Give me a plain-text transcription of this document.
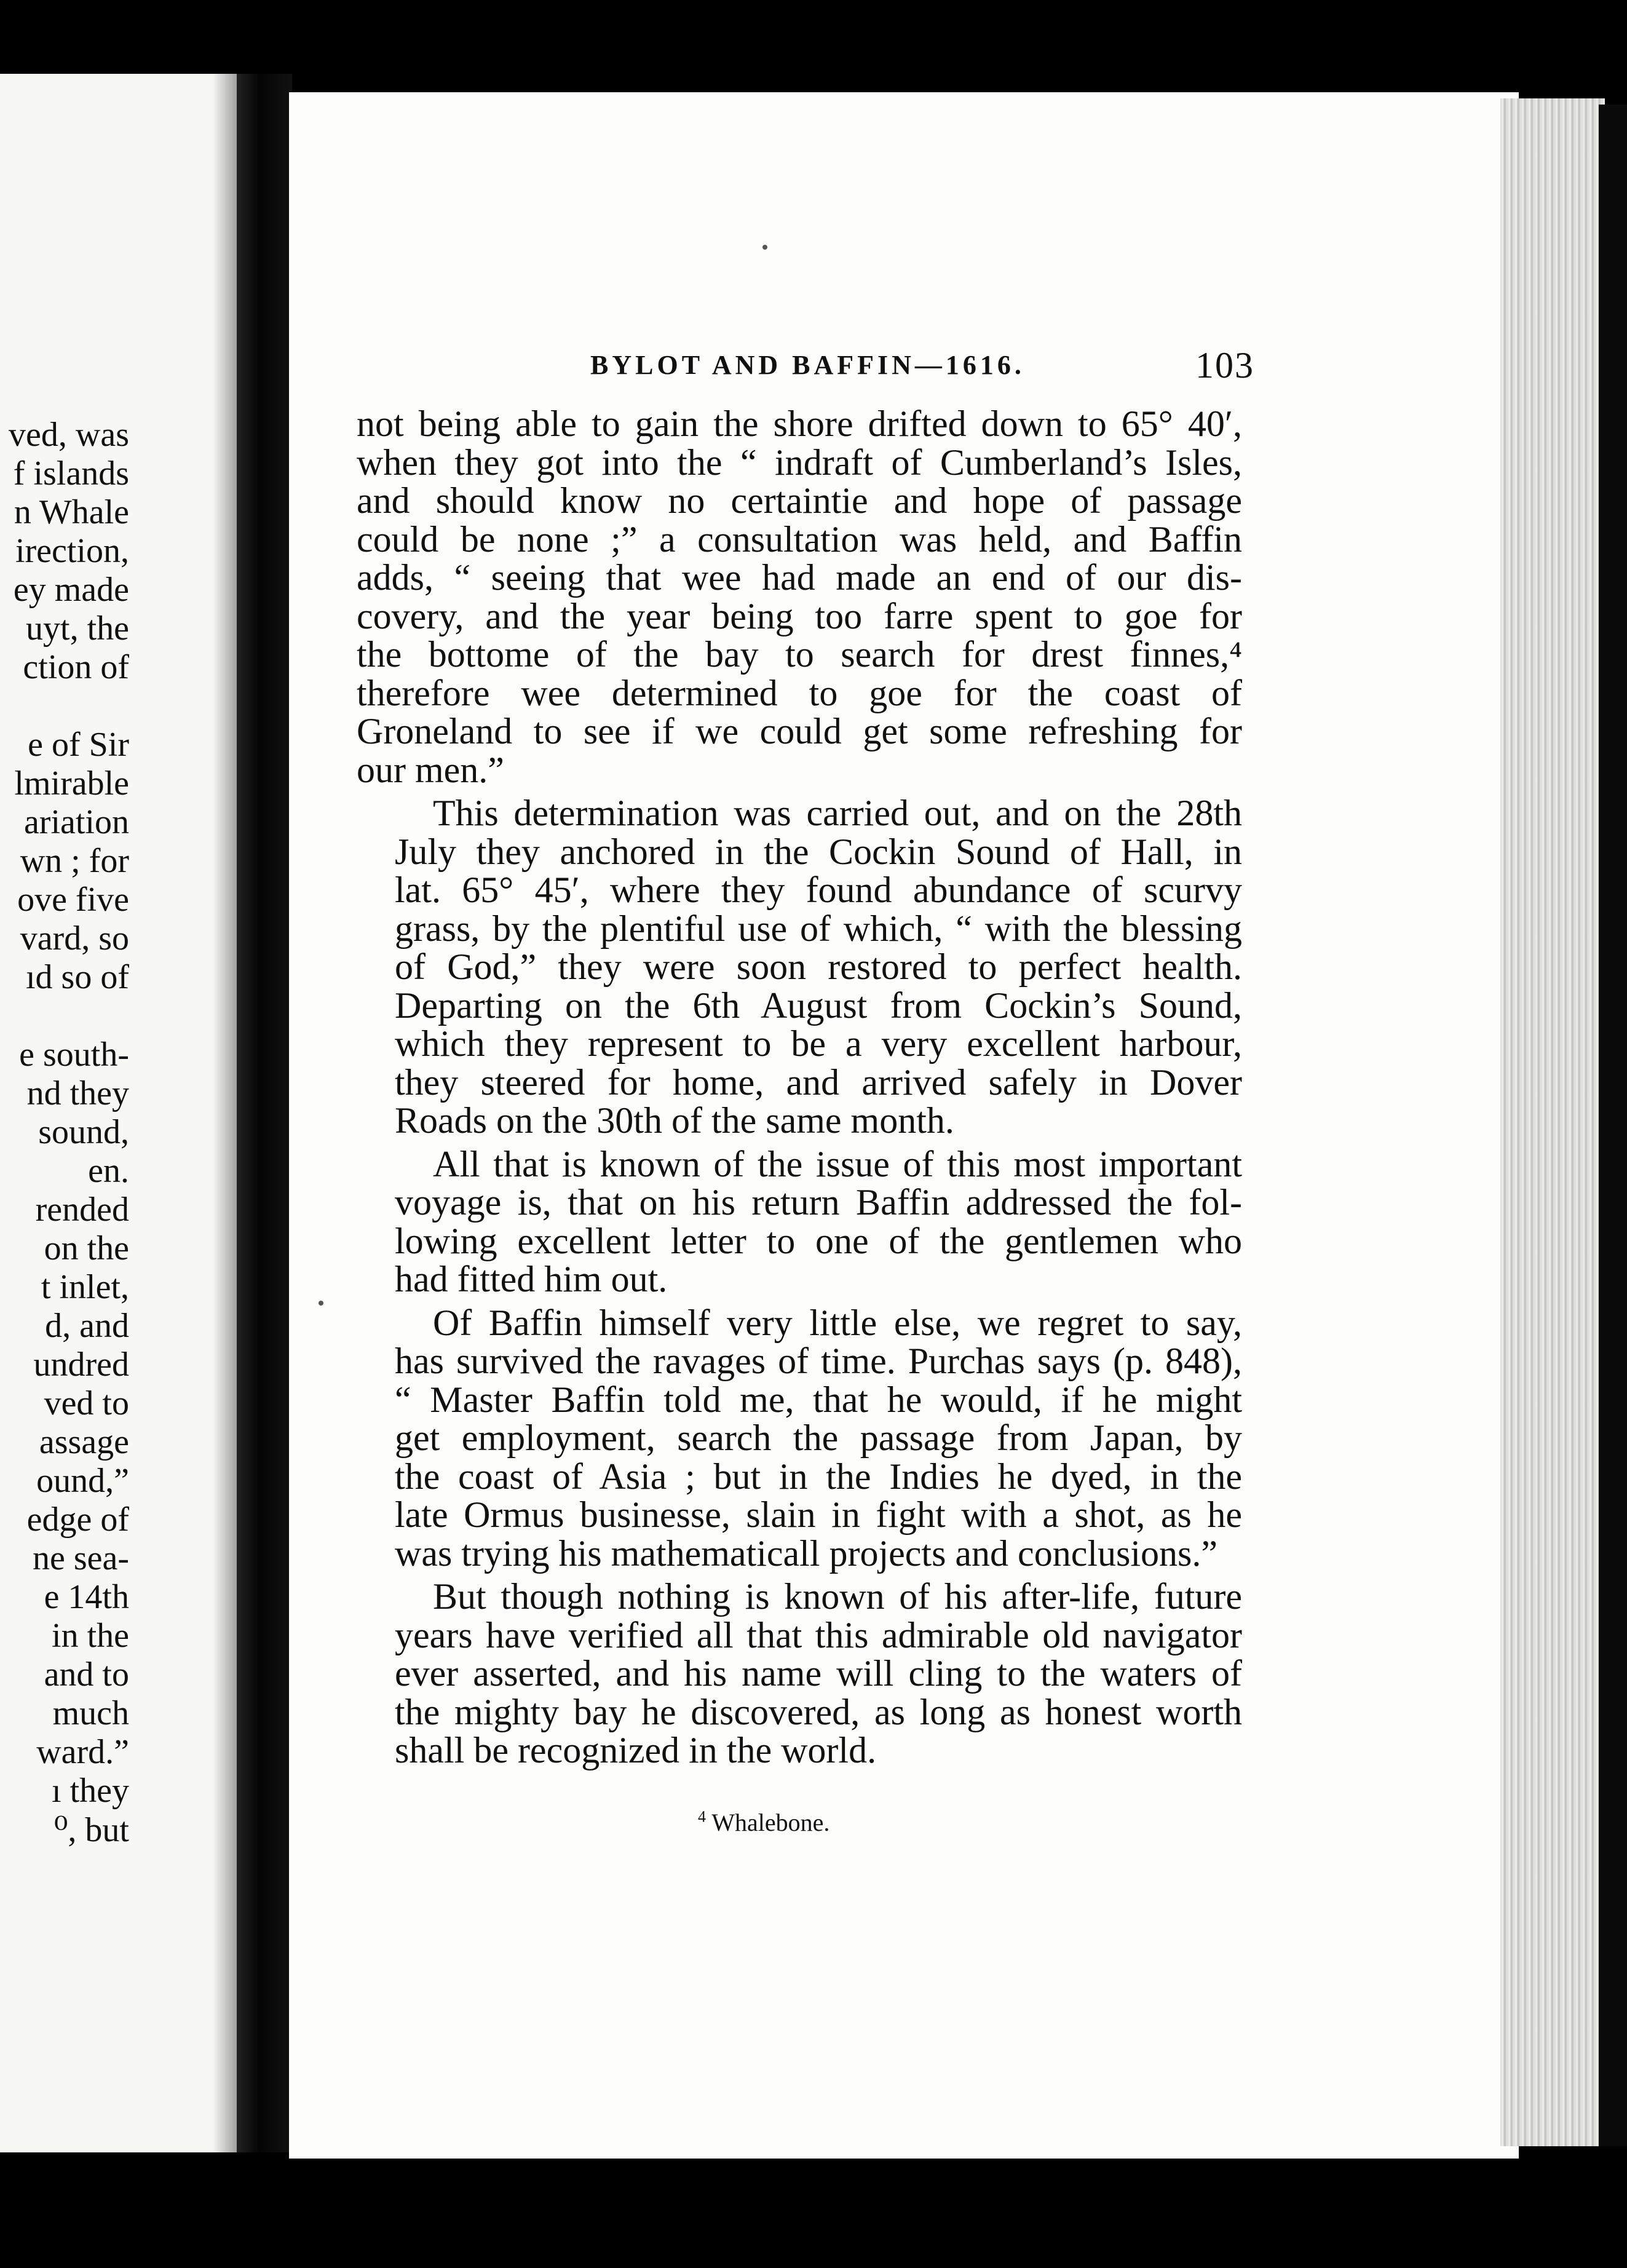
ved, was
f islands
n Whale
irection,
ey made
uyt, the
ction of
e of Sir
lmirable
ariation
wn ; for
ove five
vard, so
ıd so of
e south-
nd they
sound,
en.
rended
on the
t inlet,
d, and
undred
ved to
assage
ound,”
edge of
ne sea-
e 14th
in the
and to
much
ward.”
ı they
⁰, but
BYLOT AND BAFFIN—1616.	103
not being able to gain the shore drifted down to 65° 40′,
when they got into the “ indraft of Cumberland’s Isles,
and should know no certaintie and hope of passage
could be none ;” a consultation was held, and Baffin
adds, “ seeing that wee had made an end of our dis-
covery, and the year being too farre spent to goe for
the bottome of the bay to search for drest finnes,⁴
therefore wee determined to goe for the coast of
Groneland to see if we could get some refreshing for
our men.”
This determination was carried out, and on the 28th
July they anchored in the Cockin Sound of Hall, in
lat. 65° 45′, where they found abundance of scurvy
grass, by the plentiful use of which, “ with the blessing
of God,” they were soon restored to perfect health.
Departing on the 6th August from Cockin’s Sound,
which they represent to be a very excellent harbour,
they steered for home, and arrived safely in Dover
Roads on the 30th of the same month.
All that is known of the issue of this most important
voyage is, that on his return Baffin addressed the fol-
lowing excellent letter to one of the gentlemen who
had fitted him out.
Of Baffin himself very little else, we regret to say,
has survived the ravages of time. Purchas says (p. 848),
“ Master Baffin told me, that he would, if he might
get employment, search the passage from Japan, by
the coast of Asia ; but in the Indies he dyed, in the
late Ormus businesse, slain in fight with a shot, as he
was trying his mathematicall projects and conclusions.”
But though nothing is known of his after-life, future
years have verified all that this admirable old navigator
ever asserted, and his name will cling to the waters of
the mighty bay he discovered, as long as honest worth
shall be recognized in the world.
$^4$ Whalebone.
